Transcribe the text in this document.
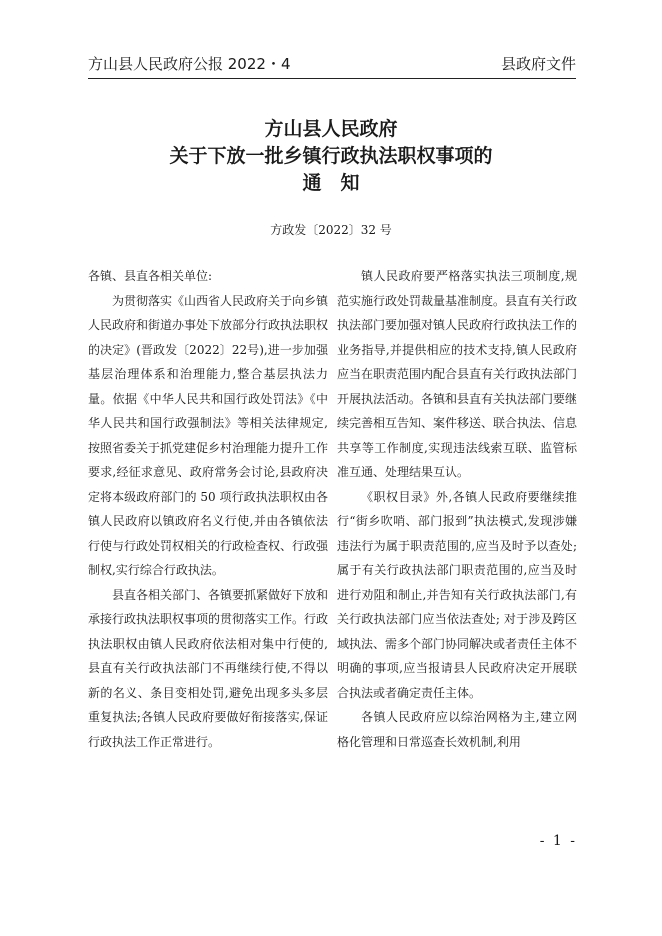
方山县人民政府公报 2022・4	县政府文件
方山县人民政府
关于下放一批乡镇行政执法职权事项的
通　知
方政发〔2022〕32 号

各镇、县直各相关单位:

为贯彻落实《山西省人民政府关于向乡镇人民政府和街道办事处下放部分行政执法职权的决定》(晋政发〔2022〕22号),进一步加强基层治理体系和治理能力,整合基层执法力量。依据《中华人民共和国行政处罚法》《中华人民共和国行政强制法》等相关法律规定,按照省委关于抓党建促乡村治理能力提升工作要求,经征求意见、政府常务会讨论,县政府决定将本级政府部门的 50 项行政执法职权由各镇人民政府以镇政府名义行使,并由各镇依法行使与行政处罚权相关的行政检查权、行政强制权,实行综合行政执法。

县直各相关部门、各镇要抓紧做好下放和承接行政执法职权事项的贯彻落实工作。行政执法职权由镇人民政府依法相对集中行使的,县直有关行政执法部门不再继续行使,不得以新的名义、条目变相处罚,避免出现多头多层重复执法;各镇人民政府要做好衔接落实,保证行政执法工作正常进行。

镇人民政府要严格落实执法三项制度,规范实施行政处罚裁量基准制度。县直有关行政执法部门要加强对镇人民政府行政执法工作的业务指导,并提供相应的技术支持,镇人民政府应当在职责范围内配合县直有关行政执法部门开展执法活动。各镇和县直有关执法部门要继续完善相互告知、案件移送、联合执法、信息共享等工作制度,实现违法线索互联、监管标准互通、处理结果互认。

《职权目录》外,各镇人民政府要继续推行“街乡吹哨、部门报到”执法模式,发现涉嫌违法行为属于职责范围的,应当及时予以查处;属于有关行政执法部门职责范围的,应当及时进行劝阻和制止,并告知有关行政执法部门,有关行政执法部门应当依法查处; 对于涉及跨区域执法、需多个部门协同解决或者责任主体不明确的事项,应当报请县人民政府决定开展联合执法或者确定责任主体。

各镇人民政府应以综治网格为主,建立网格化管理和日常巡查长效机制,利用

- 1 -
